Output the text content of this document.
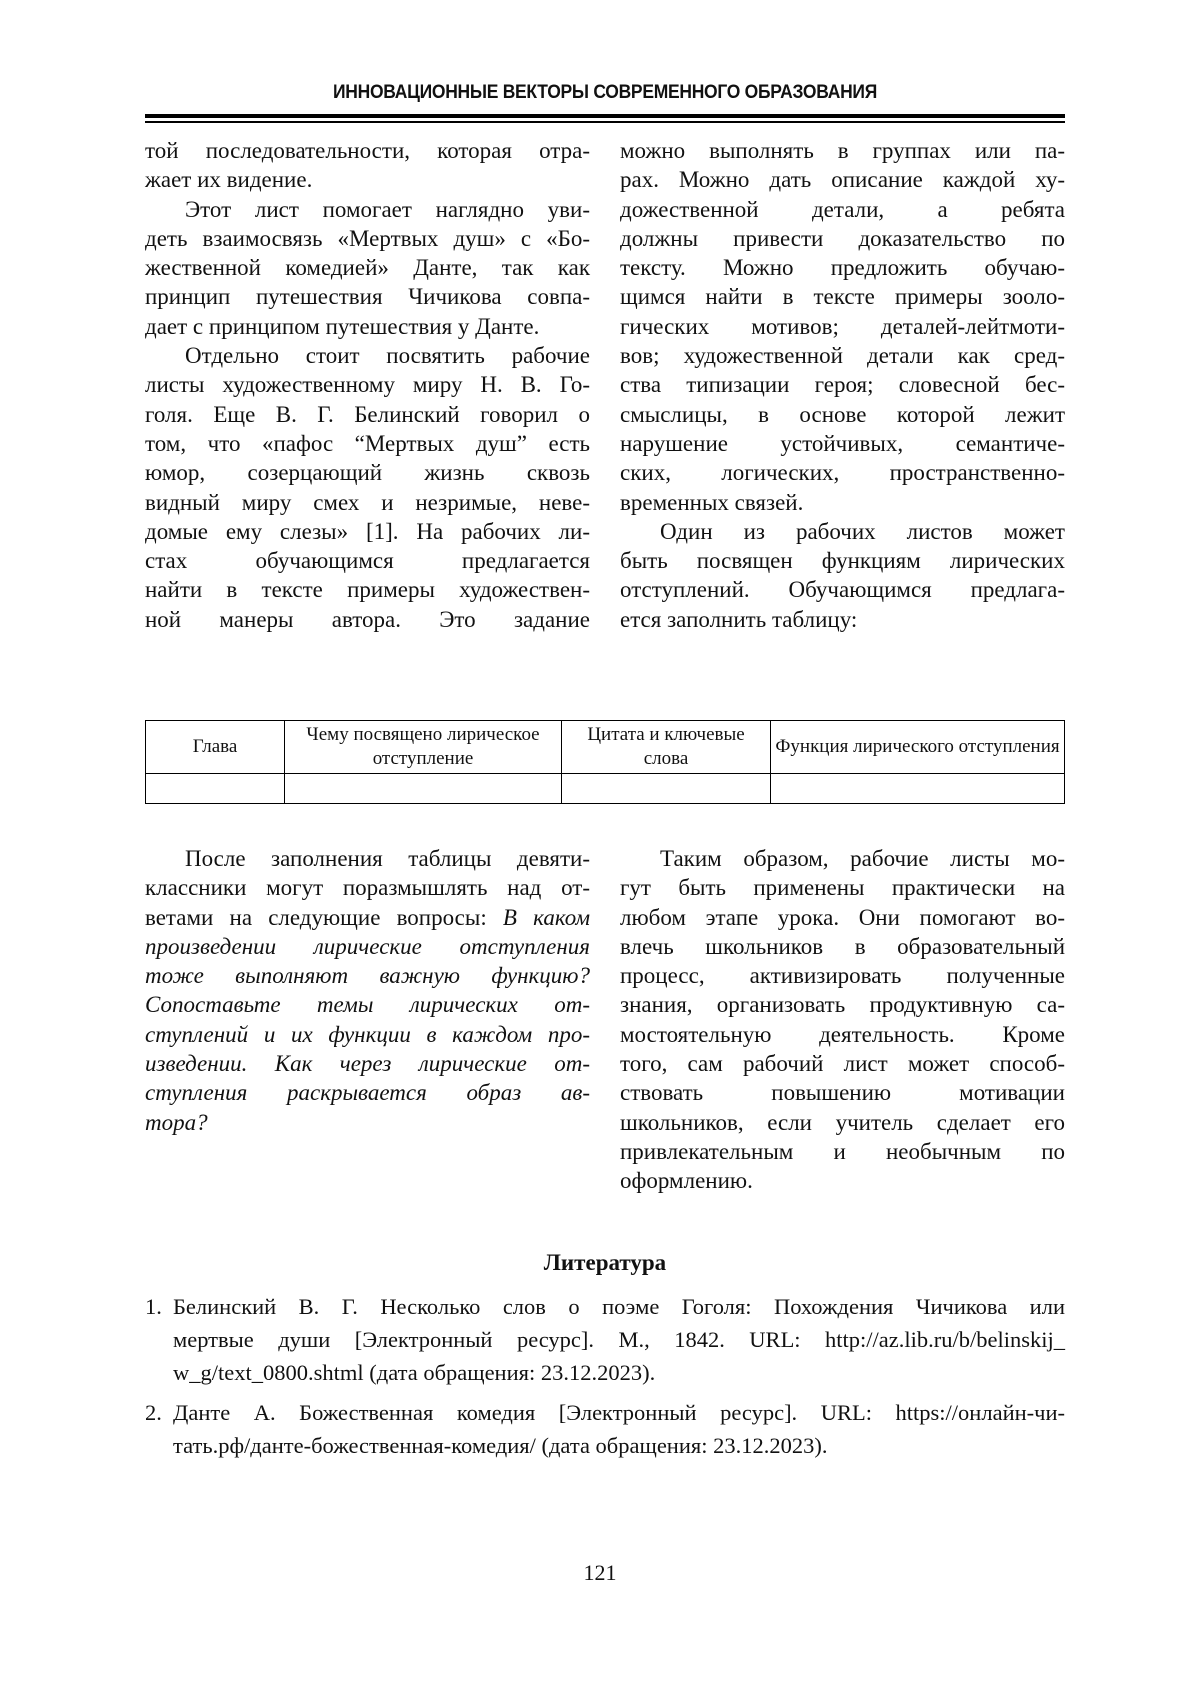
ИННОВАЦИОННЫЕ ВЕКТОРЫ СОВРЕМЕННОГО ОБРАЗОВАНИЯ
той последовательности, которая отра-
жает их видение.
Этот лист помогает наглядно уви-
деть взаимосвязь «Мертвых душ» с «Бо-
жественной комедией» Данте, так как
принцип путешествия Чичикова совпа-
дает с принципом путешествия у Данте.
Отдельно стоит посвятить рабочие
листы художественному миру Н. В. Го-
голя. Еще В. Г. Белинский говорил о
том, что «пафос “Мертвых душ” есть
юмор, созерцающий жизнь сквозь
видный миру смех и незримые, неве-
домые ему слезы» [1]. На рабочих ли-
стах обучающимся предлагается
найти в тексте примеры художествен-
ной манеры автора. Это задание
можно выполнять в группах или па-
рах. Можно дать описание каждой ху-
дожественной детали, а ребята
должны привести доказательство по
тексту. Можно предложить обучаю-
щимся найти в тексте примеры зооло-
гических мотивов; деталей-лейтмоти-
вов; художественной детали как сред-
ства типизации героя; словесной бес-
смыслицы, в основе которой лежит
нарушение устойчивых, семантиче-
ских, логических, пространственно-
временных связей.
Один из рабочих листов может
быть посвящен функциям лирических
отступлений. Обучающимся предлага-
ется заполнить таблицу:
Глава	Чему посвящено лирическое отступление	Цитата и ключевые слова	Функция лирического отступления

После заполнения таблицы девяти-
классники могут поразмышлять над от-
ветами на следующие вопросы: В каком
произведении лирические отступления
тоже выполняют важную функцию?
Сопоставьте темы лирических от-
ступлений и их функции в каждом про-
изведении. Как через лирические от-
ступления раскрывается образ ав-
тора?
Таким образом, рабочие листы мо-
гут быть применены практически на
любом этапе урока. Они помогают во-
влечь школьников в образовательный
процесс, активизировать полученные
знания, организовать продуктивную са-
мостоятельную деятельность. Кроме
того, сам рабочий лист может способ-
ствовать повышению мотивации
школьников, если учитель сделает его
привлекательным и необычным по
оформлению.
Литература
1. Белинский В. Г. Несколько слов о поэме Гоголя: Похождения Чичикова или
мертвые души [Электронный ресурс]. М., 1842. URL: http://az.lib.ru/b/belinskij_
w_g/text_0800.shtml (дата обращения: 23.12.2023).
2. Данте А. Божественная комедия [Электронный ресурс]. URL: https://онлайн-чи-
тать.рф/данте-божественная-комедия/ (дата обращения: 23.12.2023).
121
